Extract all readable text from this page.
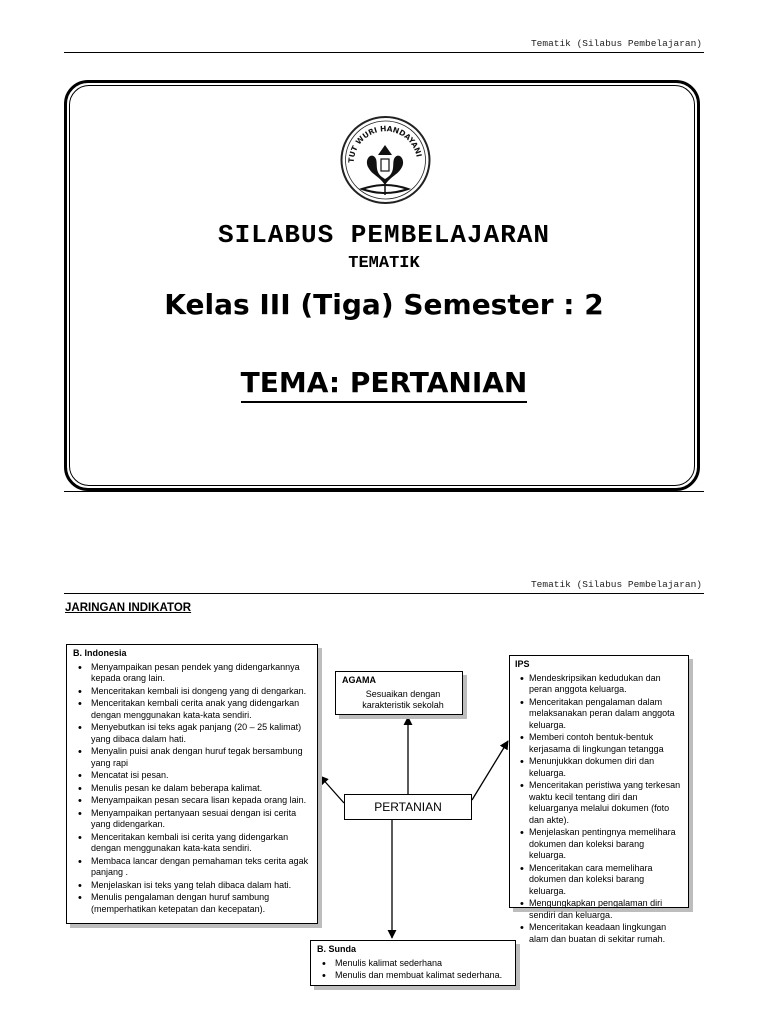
Tematik (Silabus Pembelajaran)
TUT WURI HANDAYANI
SILABUS PEMBELAJARAN
TEMATIK
Kelas III (Tiga) Semester : 2
TEMA: PERTANIAN
Tematik (Silabus Pembelajaran)
JARINGAN INDIKATOR
B. Indonesia
• Menyampaikan pesan pendek yang didengarkannya kepada orang lain.
• Menceritakan kembali isi dongeng yang di dengarkan.
• Menceritakan kembali cerita anak yang didengarkan dengan menggunakan kata-kata sendiri.
• Menyebutkan isi teks agak panjang (20 – 25 kalimat) yang dibaca dalam hati.
• Menyalin puisi anak dengan huruf tegak bersambung yang rapi
• Mencatat isi pesan.
• Menulis pesan ke dalam beberapa kalimat.
• Menyampaikan pesan secara lisan kepada orang lain.
• Menyampaikan pertanyaan sesuai dengan isi cerita yang didengarkan.
• Menceritakan kembali isi cerita yang didengarkan dengan menggunakan kata-kata sendiri.
• Membaca lancar dengan pemahaman teks cerita agak panjang .
• Menjelaskan isi teks yang telah dibaca dalam hati.
• Menulis pengalaman dengan huruf sambung (memperhatikan ketepatan dan kecepatan).
AGAMA
Sesuaikan dengan karakteristik sekolah
IPS
• Mendeskripsikan kedudukan dan peran anggota keluarga.
• Menceritakan pengalaman dalam melaksanakan peran dalam anggota keluarga.
• Memberi contoh bentuk-bentuk kerjasama di lingkungan tetangga
• Menunjukkan dokumen diri dan keluarga.
• Menceritakan peristiwa yang terkesan waktu kecil tentang diri dan keluarganya melalui dokumen (foto dan akte).
• Menjelaskan pentingnya memelihara dokumen dan koleksi barang keluarga.
• Menceritakan cara memelihara dokumen dan koleksi barang keluarga.
• Mengungkapkan pengalaman diri sendiri dan keluarga.
• Menceritakan keadaan lingkungan alam dan buatan di sekitar rumah.
PERTANIAN
B. Sunda
• Menulis kalimat sederhana
• Menulis dan membuat kalimat sederhana.
